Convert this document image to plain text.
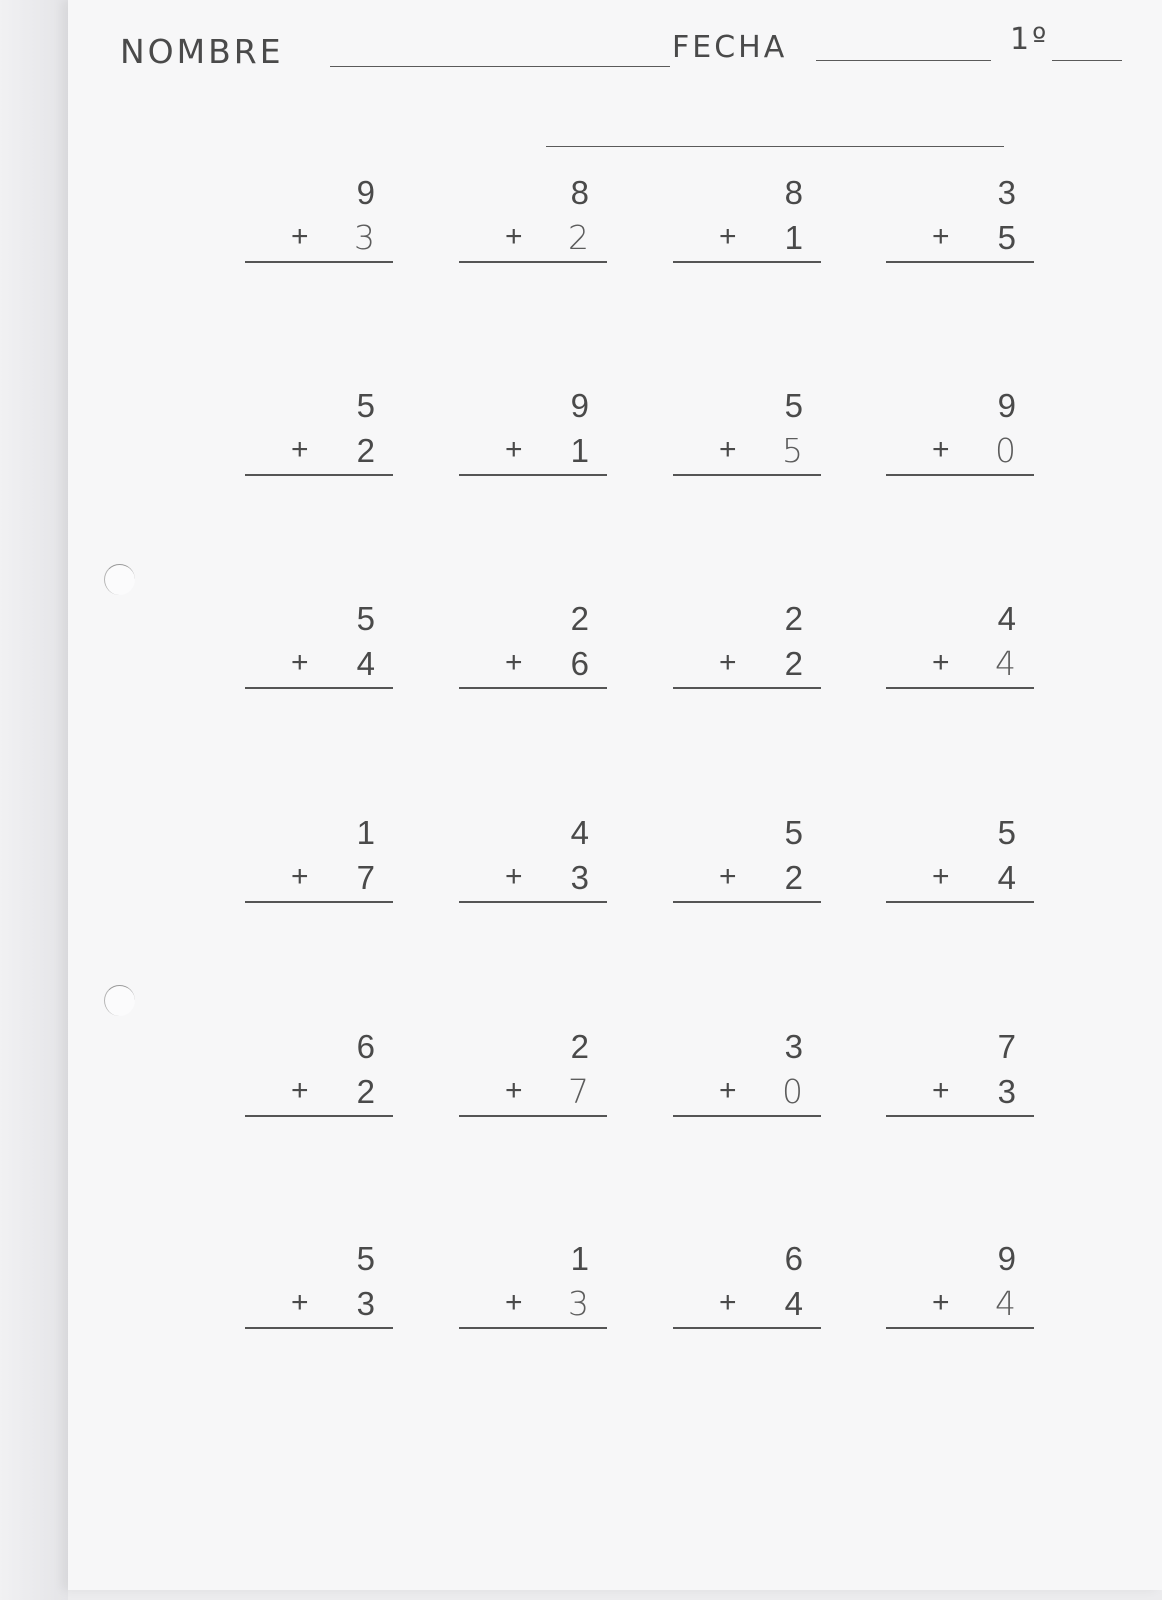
NOMBRE	FECHA	1º
9
+ 3
8
+ 2
8
+ 1
3
+ 5
5
+ 2
9
+ 1
5
+ 5
9
+ 0
5
+ 4
2
+ 6
2
+ 2
4
+ 4
1
+ 7
4
+ 3
5
+ 2
5
+ 4
6
+ 2
2
+ 7
3
+ 0
7
+ 3
5
+ 3
1
+ 3
6
+ 4
9
+ 4
